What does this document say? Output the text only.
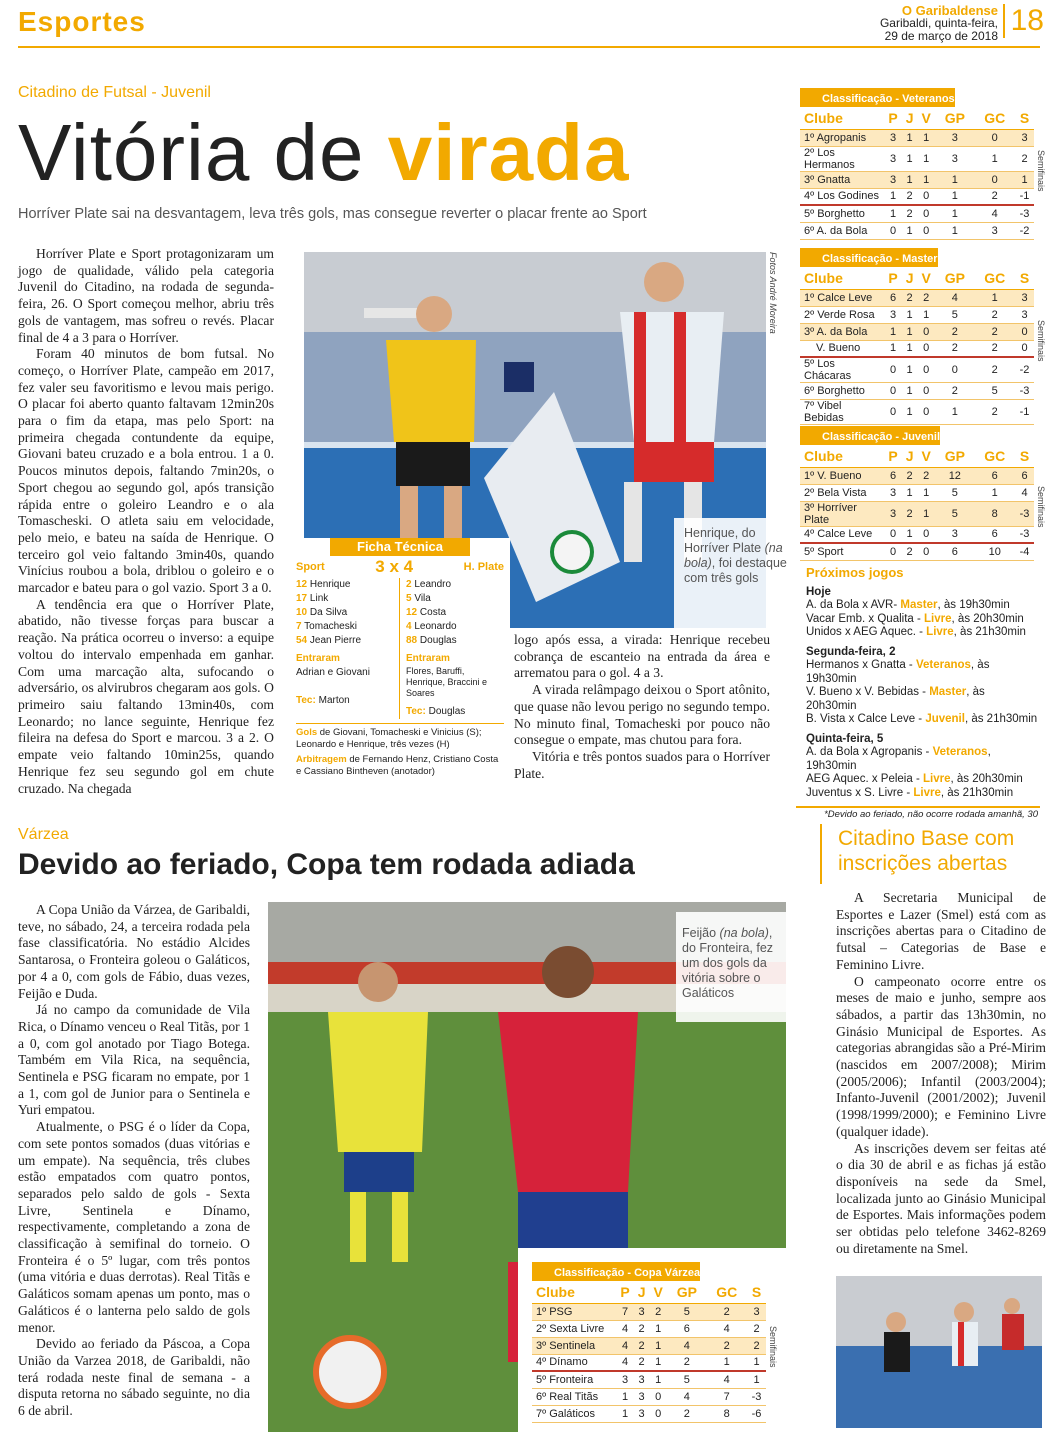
Esportes	O Garibaldense
Garibaldi, quinta-feira,
29 de março de 2018 18
Citadino de Futsal - Juvenil
Vitória de virada
Horríver Plate sai na desvantagem, leva três gols, mas consegue reverter o placar frente ao Sport

Horríver Plate e Sport protagonizaram um jogo de qualidade, válido pela categoria Juvenil do Citadino, na rodada de segunda-feira, 26. O Sport começou melhor, abriu três gols de vantagem, mas sofreu o revés. Placar final de 4 a 3 para o Horríver.

Foram 40 minutos de bom futsal. No começo, o Horríver Plate, campeão em 2017, fez valer seu favoritismo e levou mais perigo. O placar foi aberto quanto faltavam 12min20s para o fim da etapa, mas pelo Sport: na primeira chegada contundente da equipe, Giovani bateu cruzado e a bola entrou. 1 a 0. Poucos minutos depois, faltando 7min20s, o Sport chegou ao segundo gol, após transição rápida entre o goleiro Leandro e o ala Tomascheski. O atleta saiu em velocidade, pelo meio, e bateu na saída de Henrique. O terceiro gol veio faltando 3min40s, quando Vinícius roubou a bola, driblou o goleiro e o marcador e bateu para o gol vazio. Sport 3 a 0.

A tendência era que o Horríver Plate, abatido, não tivesse forças para buscar a reação. Na prática ocorreu o inverso: a equipe voltou do intervalo empenhada em ganhar. Com uma marcação alta, sufocando o adversário, os alvirubros chegaram aos gols. O primeiro saiu faltando 13min40s, com Leonardo; no lance seguinte, Henrique fez fileira na defesa do Sport e marcou. 3 a 2. O empate veio faltando 10min25s, quando Henrique fez seu segundo gol em chute cruzado. Na chegada

Fotos André Moreira
Henrique, do Horríver Plate (na bola), foi destaque com três gols
Ficha Técnica
Sport	3 x 4	H. Plate
12 Henrique
17 Link
10 Da Silva
7 Tomacheski
54 Jean Pierre
Entraram
Adrian e Giovani
Tec: Marton
2 Leandro
5 Vila
12 Costa
4 Leonardo
88 Douglas
Entraram
Flores, Baruffi, Henrique, Braccini e Soares
Tec: Douglas
Gols de Giovani, Tomacheski e Vinicius (S); Leonardo e Henrique, três vezes (H)
Arbitragem de Fernando Henz, Cristiano Costa e Cassiano Bintheven (anotador)

logo após essa, a virada: Henrique recebeu cobrança de escanteio na entrada da área e arrematou para o gol. 4 a 3.

A virada relâmpago deixou o Sport atônito, que quase não levou perigo no segundo tempo. No minuto final, Tomacheski por pouco não consegue o empate, mas chutou para fora.

Vitória e três pontos suados para o Horríver Plate.

Classificação - Veteranos
Clube	P	J	V	GP	GC	S
1º Agropanis	3	1	1	3	0	3
2º Los Hermanos	3	1	1	3	1	2
3º Gnatta	3	1	1	1	0	1
4º Los Godines	1	2	0	1	2	-1
5º Borghetto	1	2	0	1	4	-3
6º A. da Bola	0	1	0	1	3	-2
Semifinais
Classificação - Master
Clube	P	J	V	GP	GC	S
1º Calce Leve	6	2	2	4	1	3
2º Verde Rosa	3	1	1	5	2	3
3º A. da Bola	1	1	0	2	2	0
V. Bueno	1	1	0	2	2	0
5º Los Chácaras	0	1	0	0	2	-2
6º Borghetto	0	1	0	2	5	-3
7º Vibel Bebidas	0	1	0	1	2	-1
Semifinais
Classificação - Juvenil
Clube	P	J	V	GP	GC	S
1º V. Bueno	6	2	2	12	6	6
2º Bela Vista	3	1	1	5	1	4
3º Horríver Plate	3	2	1	5	8	-3
4º Calce Leve	0	1	0	3	6	-3
5º Sport	0	2	0	6	10	-4
Semifinais
Próximos jogos
Hoje
A. da Bola x AVR- Master, às 19h30min
Vacar Emb. x Qualita - Livre, às 20h30min
Unidos x AEG Aquec. - Livre, às 21h30min
Segunda-feira, 2
Hermanos x Gnatta - Veteranos, às 19h30min
V. Bueno x V. Bebidas - Master, às 20h30min
B. Vista x Calce Leve - Juvenil, às 21h30min
Quinta-feira, 5
A. da Bola x Agropanis - Veteranos, 19h30min
AEG Aquec. x Peleia - Livre, às 20h30min
Juventus x S. Livre - Livre, às 21h30min
*Devido ao feriado, não ocorre rodada amanhã, 30
Várzea
Devido ao feriado, Copa tem rodada adiada

A Copa União da Várzea, de Garibaldi, teve, no sábado, 24, a terceira rodada pela fase classificatória. No estádio Alcides Santarosa, o Fronteira goleou o Galáticos, por 4 a 0, com gols de Fábio, duas vezes, Feijão e Duda.

Já no campo da comunidade de Vila Rica, o Dínamo venceu o Real Titãs, por 1 a 0, com gol anotado por Tiago Botega. Também em Vila Rica, na sequência, Sentinela e PSG ficaram no empate, por 1 a 1, com gol de Junior para o Sentinela e Yuri empatou.

Atualmente, o PSG é o líder da Copa, com sete pontos somados (duas vitórias e um empate). Na sequência, três clubes estão empatados com quatro pontos, separados pelo saldo de gols - Sexta Livre, Sentinela e Dínamo, respectivamente, completando a zona de classificação à semifinal do torneio. O Fronteira é o 5º lugar, com três pontos (uma vitória e duas derrotas). Real Titãs e Galáticos somam apenas um ponto, mas o Galáticos é o lanterna pelo saldo de gols menor.

Devido ao feriado da Páscoa, a Copa União da Varzea 2018, de Garibaldi, não terá rodada neste final de semana - a disputa retorna no sábado seguinte, no dia 6 de abril.

Feijão (na bola), do Fronteira, fez um dos gols da vitória sobre o Galáticos
Classificação - Copa Várzea
Clube	P	J	V	GP	GC	S
1º PSG	7	3	2	5	2	3
2º Sexta Livre	4	2	1	6	4	2
3º Sentinela	4	2	1	4	2	2
4º Dínamo	4	2	1	2	1	1
5º Fronteira	3	3	1	5	4	1
6º Real Titãs	1	3	0	4	7	-3
7º Galáticos	1	3	0	2	8	-6
Semifinais
Citadino Base com inscrições abertas

A Secretaria Municipal de Esportes e Lazer (Smel) está com as inscrições abertas para o Citadino de futsal – Categorias de Base e Feminino Livre.

O campeonato ocorre entre os meses de maio e junho, sempre aos sábados, a partir das 13h30min, no Ginásio Municipal de Esportes. As categorias abrangidas são a Pré-Mirim (nascidos em 2007/2008); Mirim (2005/2006); Infantil (2003/2004); Infanto-Juvenil (2001/2002); Juvenil (1998/1999/2000); e Feminino Livre (qualquer idade).

As inscrições devem ser feitas até o dia 30 de abril e as fichas já estão disponíveis na sede da Smel, localizada junto ao Ginásio Municipal de Esportes. Mais informações podem ser obtidas pelo telefone 3462-8269 ou diretamente na Smel.
